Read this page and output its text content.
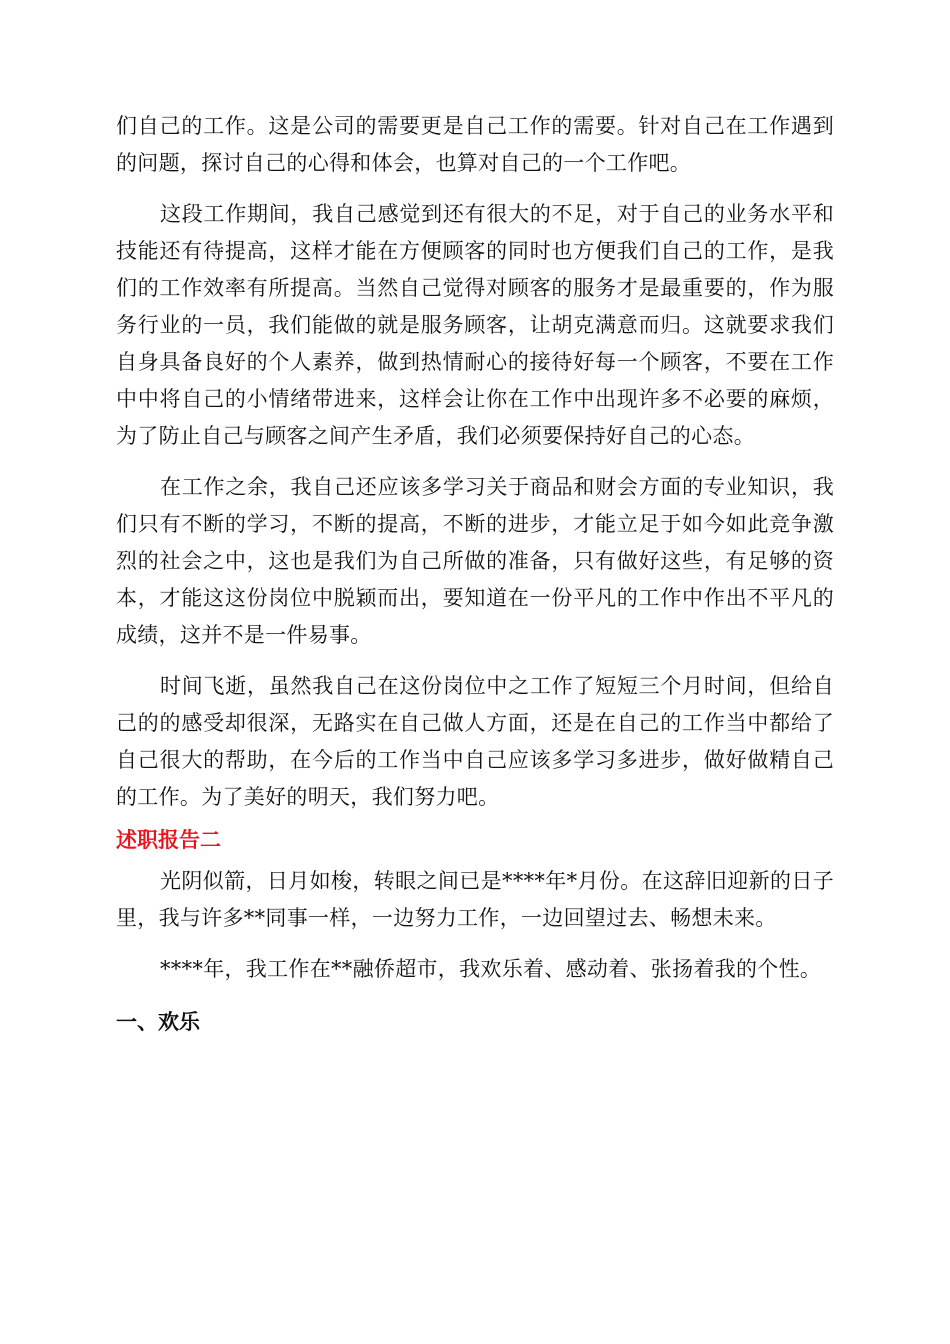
们自己的工作。这是公司的需要更是自己工作的需要。针对自己在工作遇到的问题，探讨自己的心得和体会，也算对自己的一个工作吧。

这段工作期间，我自己感觉到还有很大的不足，对于自己的业务水平和技能还有待提高，这样才能在方便顾客的同时也方便我们自己的工作，是我们的工作效率有所提高。当然自己觉得对顾客的服务才是最重要的，作为服务行业的一员，我们能做的就是服务顾客，让胡克满意而归。这就要求我们自身具备良好的个人素养，做到热情耐心的接待好每一个顾客，不要在工作中中将自己的小情绪带进来，这样会让你在工作中出现许多不必要的麻烦，为了防止自己与顾客之间产生矛盾，我们必须要保持好自己的心态。

在工作之余，我自己还应该多学习关于商品和财会方面的专业知识，我们只有不断的学习，不断的提高，不断的进步，才能立足于如今如此竞争激烈的社会之中，这也是我们为自己所做的准备，只有做好这些，有足够的资本，才能这这份岗位中脱颖而出，要知道在一份平凡的工作中作出不平凡的成绩，这并不是一件易事。

时间飞逝，虽然我自己在这份岗位中之工作了短短三个月时间，但给自己的的感受却很深，无路实在自己做人方面，还是在自己的工作当中都给了自己很大的帮助，在今后的工作当中自己应该多学习多进步，做好做精自己的工作。为了美好的明天，我们努力吧。

述职报告二

光阴似箭，日月如梭，转眼之间已是****年*月份。在这辞旧迎新的日子里，我与许多**同事一样，一边努力工作，一边回望过去、畅想未来。

****年，我工作在**融侨超市，我欢乐着、感动着、张扬着我的个性。

一、欢乐
